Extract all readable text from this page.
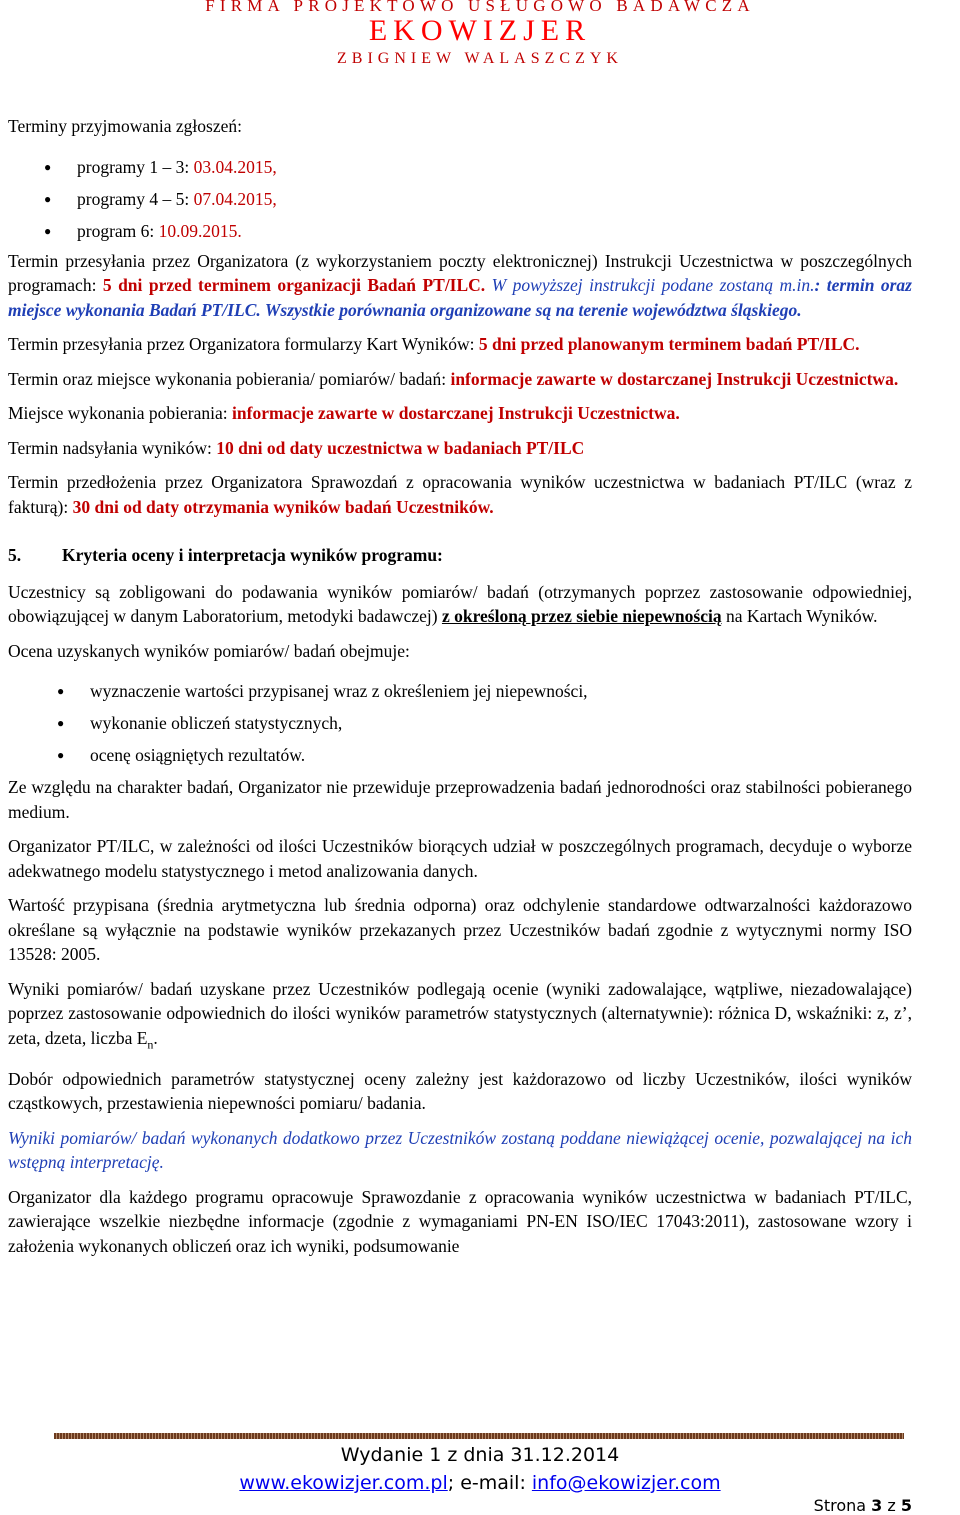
FIRMA PROJEKTOWO USŁUGOWO BADAWCZA
EKOWIZJER
ZBIGNIEW WALASZCZYK

Terminy przyjmowania zgłoszeń:

● programy 1 – 3: 03.04.2015,
● programy 4 – 5: 07.04.2015,
● program 6: 10.09.2015.

Termin przesyłania przez Organizatora (z wykorzystaniem poczty elektronicznej) Instrukcji Uczestnictwa w poszczególnych programach: 5 dni przed terminem organizacji Badań PT/ILC. W powyższej instrukcji podane zostaną m.in.: termin oraz miejsce wykonania Badań PT/ILC. Wszystkie porównania organizowane są na terenie województwa śląskiego.

Termin przesyłania przez Organizatora formularzy Kart Wyników: 5 dni przed planowanym terminem badań PT/ILC.

Termin oraz miejsce wykonania pobierania/ pomiarów/ badań: informacje zawarte w dostarczanej Instrukcji Uczestnictwa.

Miejsce wykonania pobierania: informacje zawarte w dostarczanej Instrukcji Uczestnictwa.

Termin nadsyłania wyników: 10 dni od daty uczestnictwa w badaniach PT/ILC

Termin przedłożenia przez Organizatora Sprawozdań z opracowania wyników uczestnictwa w badaniach PT/ILC (wraz z fakturą): 30 dni od daty otrzymania wyników badań Uczestników.

5. Kryteria oceny i interpretacja wyników programu:

Uczestnicy są zobligowani do podawania wyników pomiarów/ badań (otrzymanych poprzez zastosowanie odpowiedniej, obowiązującej w danym Laboratorium, metodyki badawczej) z określoną przez siebie niepewnością na Kartach Wyników.

Ocena uzyskanych wyników pomiarów/ badań obejmuje:

● wyznaczenie wartości przypisanej wraz z określeniem jej niepewności,
● wykonanie obliczeń statystycznych,
● ocenę osiągniętych rezultatów.

Ze względu na charakter badań, Organizator nie przewiduje przeprowadzenia badań jednorodności oraz stabilności pobieranego medium.

Organizator PT/ILC, w zależności od ilości Uczestników biorących udział w poszczególnych programach, decyduje o wyborze adekwatnego modelu statystycznego i metod analizowania danych.

Wartość przypisana (średnia arytmetyczna lub średnia odporna) oraz odchylenie standardowe odtwarzalności każdorazowo określane są wyłącznie na podstawie wyników przekazanych przez Uczestników badań zgodnie z wytycznymi normy ISO 13528: 2005.

Wyniki pomiarów/ badań uzyskane przez Uczestników podlegają ocenie (wyniki zadowalające, wątpliwe, niezadowalające) poprzez zastosowanie odpowiednich do ilości wyników parametrów statystycznych (alternatywnie): różnica D, wskaźniki: z, z’, zeta, dzeta, liczba $E_n$.

Dobór odpowiednich parametrów statystycznej oceny zależny jest każdorazowo od liczby Uczestników, ilości wyników cząstkowych, przestawienia niepewności pomiaru/ badania.

Wyniki pomiarów/ badań wykonanych dodatkowo przez Uczestników zostaną poddane niewiążącej ocenie, pozwalającej na ich wstępną interpretację.

Organizator dla każdego programu opracowuje Sprawozdanie z opracowania wyników uczestnictwa w badaniach PT/ILC, zawierające wszelkie niezbędne informacje (zgodnie z wymaganiami PN-EN ISO/IEC 17043:2011), zastosowane wzory i założenia wykonanych obliczeń oraz ich wyniki, podsumowanie

Wydanie 1 z dnia 31.12.2014
www.ekowizjer.com.pl; e-mail: info@ekowizjer.com
Strona 3 z 5
